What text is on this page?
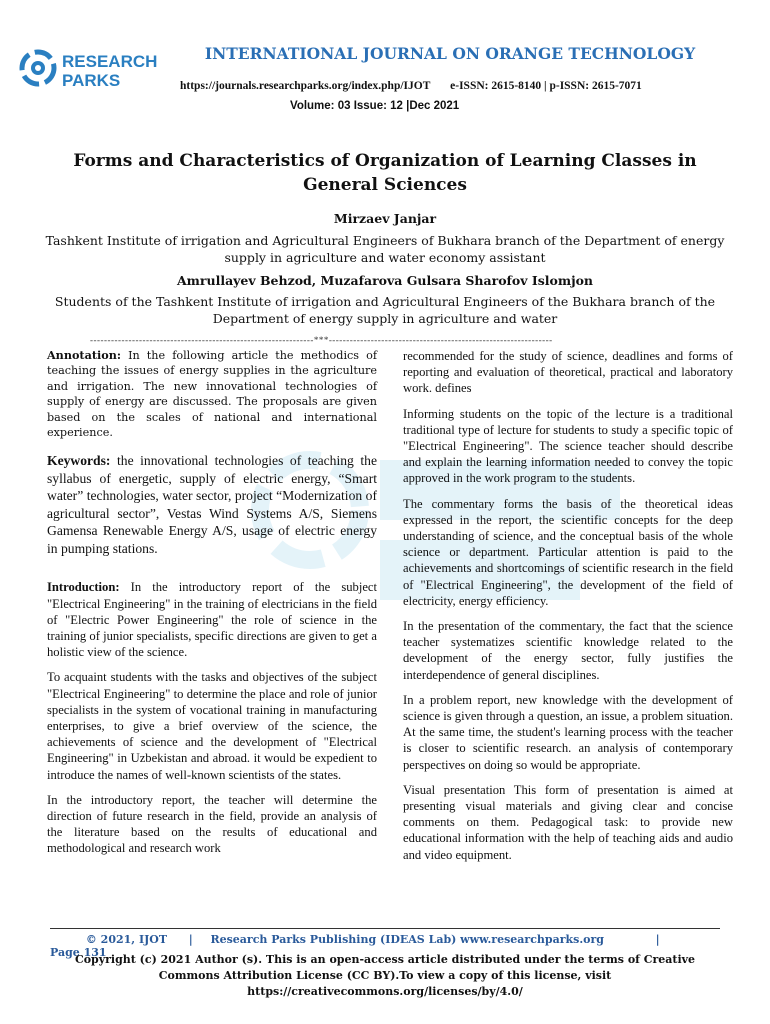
RESEARCH
PARKS
INTERNATIONAL JOURNAL ON ORANGE TECHNOLOGY
https://journals.researchparks.org/index.php/IJOT e-ISSN: 2615-8140 | p-ISSN: 2615-7071
Volume: 03 Issue: 12 |Dec 2021
Forms and Characteristics of Organization of Learning Classes in General Sciences
Mirzaev Janjar
Tashkent Institute of irrigation and Agricultural Engineers of Bukhara branch of the Department of energy supply in agriculture and water economy assistant
Amrullayev Behzod, Muzafarova Gulsara Sharofov Islomjon
Students of the Tashkent Institute of irrigation and Agricultural Engineers of the Bukhara branch of the Department of energy supply in agriculture and water
----------------------------------------------------------------***----------------------------------------------------------------

Annotation: In the following article the methodics of teaching the issues of energy supplies in the agriculture and irrigation. The new innovational technologies of supply of energy are discussed. The proposals are given based on the scales of national and international experience.

Keywords: the innovational technologies of teaching the syllabus of energetic, supply of electric energy, “Smart water” technologies, water sector, project “Modernization of agricultural sector”, Vestas Wind Systems A/S, Siemens Gamensa Renewable Energy A/S, usage of electric energy in pumping stations.

Introduction: In the introductory report of the subject "Electrical Engineering" in the training of electricians in the field of "Electric Power Engineering" the role of science in the training of junior specialists, specific directions are given to get a holistic view of the science.

To acquaint students with the tasks and objectives of the subject "Electrical Engineering" to determine the place and role of junior specialists in the system of vocational training in manufacturing enterprises, to give a brief overview of the science, the achievements of science and the development of "Electrical Engineering" in Uzbekistan and abroad. it would be expedient to introduce the names of well-known scientists of the states.

In the introductory report, the teacher will determine the direction of future research in the field, provide an analysis of the literature based on the results of educational and methodological and research work

recommended for the study of science, deadlines and forms of reporting and evaluation of theoretical, practical and laboratory work. defines

Informing students on the topic of the lecture is a traditional traditional type of lecture for students to study a specific topic of "Electrical Engineering". The science teacher should describe and explain the learning information needed to convey the topic approved in the work program to the students.

The commentary forms the basis of the theoretical ideas expressed in the report, the scientific concepts for the deep understanding of science, and the conceptual basis of the whole science or department. Particular attention is paid to the achievements and shortcomings of scientific research in the field of "Electrical Engineering", the development of the field of electricity, energy efficiency.

In the presentation of the commentary, the fact that the science teacher systematizes scientific knowledge related to the development of the energy sector, fully justifies the interdependence of general disciplines.

In a problem report, new knowledge with the development of science is given through a question, an issue, a problem situation. At the same time, the student's learning process with the teacher is closer to scientific research. an analysis of contemporary perspectives on doing so would be appropriate.

Visual presentation This form of presentation is aimed at presenting visual materials and giving clear and concise comments on them. Pedagogical task: to provide new educational information with the help of teaching aids and audio and video equipment.

© 2021, IJOT | Research Parks Publishing (IDEAS Lab) www.researchparks.org	|  Page 131
Copyright (c) 2021 Author (s). This is an open-access article distributed under the terms of Creative Commons Attribution License (CC BY).To view a copy of this license, visit https://creativecommons.org/licenses/by/4.0/
